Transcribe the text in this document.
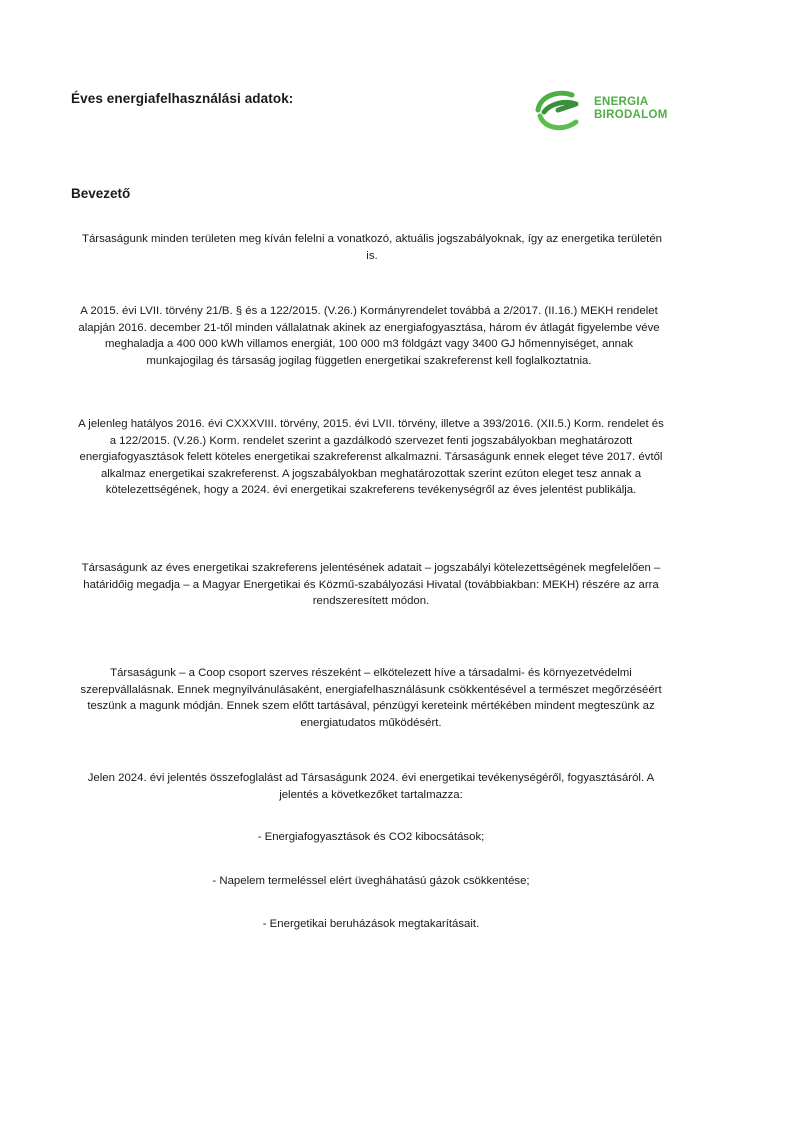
Éves energiafelhasználási adatok:	ENERGIA
BIRODALOM
Bevezető
Társaságunk minden területen meg kíván felelni a vonatkozó, aktuális jogszabályoknak, így az energetika területén is.
A 2015. évi LVII. törvény 21/B. § és a 122/2015. (V.26.) Kormányrendelet továbbá a 2/2017. (II.16.) MEKH rendelet alapján 2016. december 21-től minden vállalatnak akinek az energiafogyasztása, három év átlagát figyelembe véve meghaladja a 400 000 kWh villamos energiát, 100 000 m3 földgázt vagy 3400 GJ hőmennyiséget, annak munkajogilag és társaság jogilag független energetikai szakreferenst kell foglalkoztatnia.
A jelenleg hatályos 2016. évi CXXXVIII. törvény, 2015. évi LVII. törvény, illetve a 393/2016. (XII.5.) Korm. rendelet és a 122/2015. (V.26.) Korm. rendelet szerint a gazdálkodó szervezet fenti jogszabályokban meghatározott energiafogyasztások felett köteles energetikai szakreferenst alkalmazni. Társaságunk ennek eleget téve 2017. évtől alkalmaz energetikai szakreferenst. A jogszabályokban meghatározottak szerint ezúton eleget tesz annak a kötelezettségének, hogy a 2024. évi energetikai szakreferens tevékenységről az éves jelentést publikálja.
Társaságunk az éves energetikai szakreferens jelentésének adatait – jogszabályi kötelezettségének megfelelően – határidőig megadja – a Magyar Energetikai és Közmű-szabályozási Hivatal (továbbiakban: MEKH) részére az arra rendszeresített módon.
Társaságunk – a Coop csoport szerves részeként – elkötelezett híve a társadalmi- és környezetvédelmi szerepvállalásnak. Ennek megnyilvánulásaként, energiafelhasználásunk csökkentésével a természet megőrzéséért teszünk a magunk módján. Ennek szem előtt tartásával, pénzügyi kereteink mértékében mindent megteszünk az energiatudatos működésért.
Jelen 2024. évi jelentés összefoglalást ad Társaságunk 2024. évi energetikai tevékenységéről, fogyasztásáról. A jelentés a következőket tartalmazza:
- Energiafogyasztások és CO2 kibocsátások;
- Napelem termeléssel elért üvegháhatású gázok csökkentése;
- Energetikai beruházások megtakarításait.
